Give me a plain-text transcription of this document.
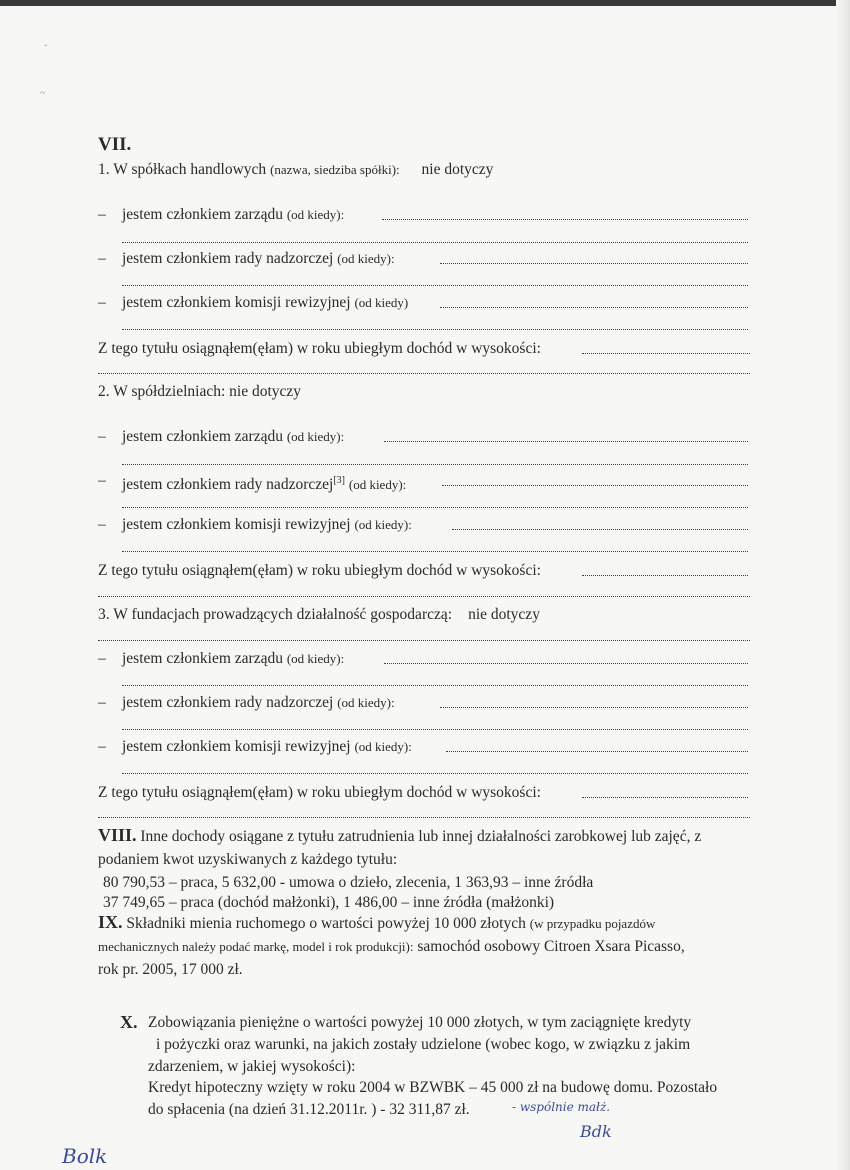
ˇ
~
VII.
1. W spółkach handlowych (nazwa, siedziba spółki): nie dotyczy
– jestem członkiem zarządu (od kiedy):
– jestem członkiem rady nadzorczej (od kiedy):
– jestem członkiem komisji rewizyjnej (od kiedy)
Z tego tytułu osiągnąłem(ęłam) w roku ubiegłym dochód w wysokości:
2. W spółdzielniach: nie dotyczy
– jestem członkiem zarządu (od kiedy):
– jestem członkiem rady nadzorczej[3] (od kiedy):
– jestem członkiem komisji rewizyjnej (od kiedy):
Z tego tytułu osiągnąłem(ęłam) w roku ubiegłym dochód w wysokości:
3. W fundacjach prowadzących działalność gospodarczą: nie dotyczy
– jestem członkiem zarządu (od kiedy):
– jestem członkiem rady nadzorczej (od kiedy):
– jestem członkiem komisji rewizyjnej (od kiedy):
Z tego tytułu osiągnąłem(ęłam) w roku ubiegłym dochód w wysokości:
VIII. Inne dochody osiągane z tytułu zatrudnienia lub innej działalności zarobkowej lub zajęć, z
podaniem kwot uzyskiwanych z każdego tytułu:
80 790,53 – praca, 5 632,00 - umowa o dzieło, zlecenia, 1 363,93 – inne źródła
37 749,65 – praca (dochód małżonki), 1 486,00 – inne źródła (małżonki)
IX. Składniki mienia ruchomego o wartości powyżej 10 000 złotych (w przypadku pojazdów
mechanicznych należy podać markę, model i rok produkcji): samochód osobowy Citroen Xsara Picasso,
rok pr. 2005, 17 000 zł.
X. Zobowiązania pieniężne o wartości powyżej 10 000 złotych, w tym zaciągnięte kredyty
i pożyczki oraz warunki, na jakich zostały udzielone (wobec kogo, w związku z jakim
zdarzeniem, w jakiej wysokości):
Kredyt hipoteczny wzięty w roku 2004 w BZWBK – 45 000 zł na budowę domu. Pozostało
do spłacenia (na dzień 31.12.2011r. ) - 32 311,87 zł.	- wspólnie małż.
Bdk
Bolk
